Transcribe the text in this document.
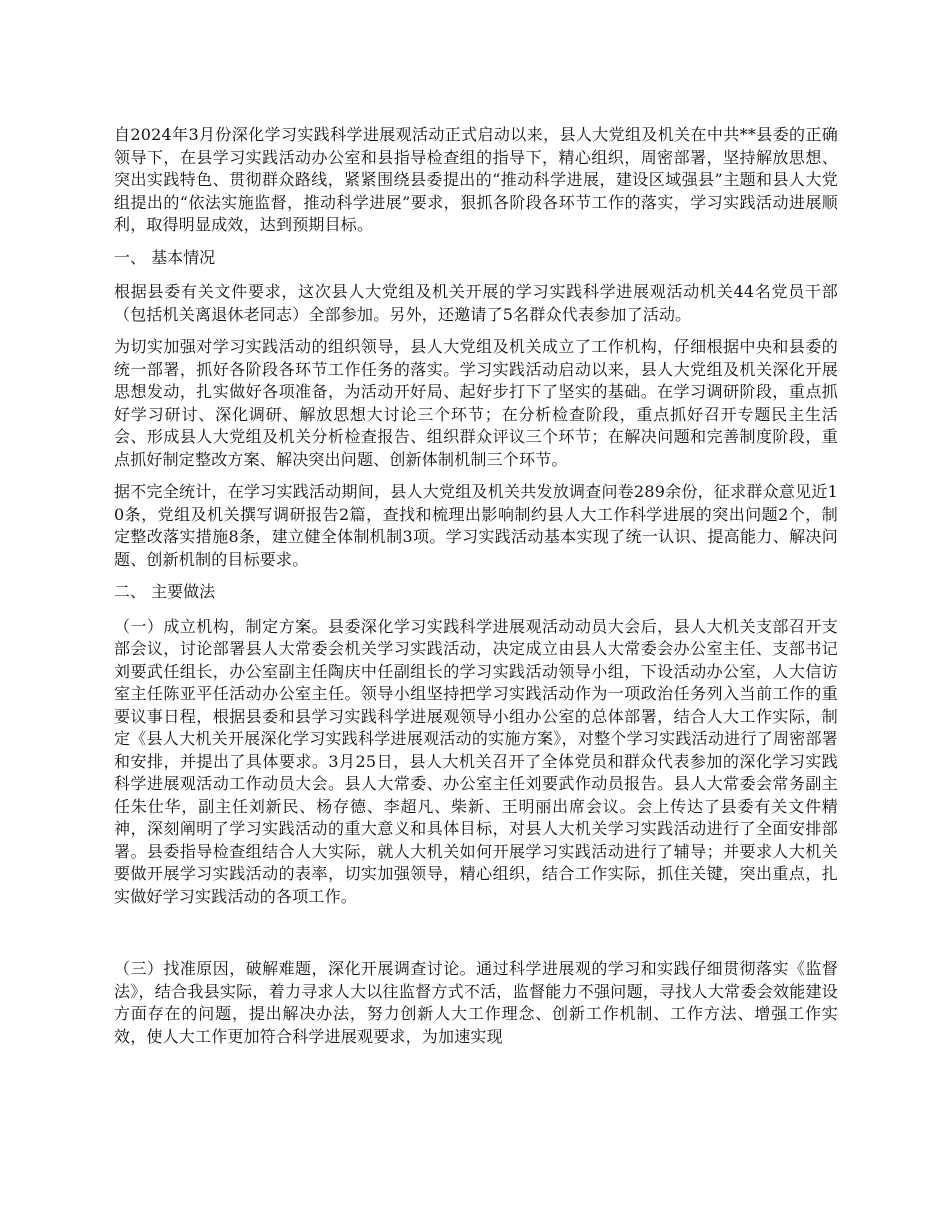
自2024年3月份深化学习实践科学进展观活动正式启动以来，县人大党组及机关在中共**县委的正确领导下，在县学习实践活动办公室和县指导检查组的指导下，精心组织，周密部署，坚持解放思想、突出实践特色、贯彻群众路线，紧紧围绕县委提出的“推动科学进展，建设区域强县”主题和县人大党组提出的“依法实施监督，推动科学进展”要求，狠抓各阶段各环节工作的落实，学习实践活动进展顺利，取得明显成效，达到预期目标。

一、 基本情况

根据县委有关文件要求，这次县人大党组及机关开展的学习实践科学进展观活动机关44名党员干部（包括机关离退休老同志）全部参加。另外，还邀请了5名群众代表参加了活动。

为切实加强对学习实践活动的组织领导，县人大党组及机关成立了工作机构，仔细根据中央和县委的统一部署，抓好各阶段各环节工作任务的落实。学习实践活动启动以来，县人大党组及机关深化开展思想发动，扎实做好各项准备，为活动开好局、起好步打下了坚实的基础。在学习调研阶段，重点抓好学习研讨、深化调研、解放思想大讨论三个环节；在分析检查阶段，重点抓好召开专题民主生活会、形成县人大党组及机关分析检查报告、组织群众评议三个环节；在解决问题和完善制度阶段，重点抓好制定整改方案、解决突出问题、创新体制机制三个环节。

据不完全统计，在学习实践活动期间，县人大党组及机关共发放调查问卷289余份，征求群众意见近10条，党组及机关撰写调研报告2篇，查找和梳理出影响制约县人大工作科学进展的突出问题2个，制定整改落实措施8条，建立健全体制机制3项。学习实践活动基本实现了统一认识、提高能力、解决问题、创新机制的目标要求。

二、 主要做法

（一）成立机构，制定方案。县委深化学习实践科学进展观活动动员大会后，县人大机关支部召开支部会议，讨论部署县人大常委会机关学习实践活动，决定成立由县人大常委会办公室主任、支部书记刘要武任组长，办公室副主任陶庆中任副组长的学习实践活动领导小组，下设活动办公室，人大信访室主任陈亚平任活动办公室主任。领导小组坚持把学习实践活动作为一项政治任务列入当前工作的重要议事日程，根据县委和县学习实践科学进展观领导小组办公室的总体部署，结合人大工作实际，制定《县人大机关开展深化学习实践科学进展观活动的实施方案》，对整个学习实践活动进行了周密部署和安排，并提出了具体要求。3月25日，县人大机关召开了全体党员和群众代表参加的深化学习实践科学进展观活动工作动员大会。县人大常委、办公室主任刘要武作动员报告。县人大常委会常务副主任朱仕华，副主任刘新民、杨存德、李超凡、柴新、王明丽出席会议。会上传达了县委有关文件精神，深刻阐明了学习实践活动的重大意义和具体目标，对县人大机关学习实践活动进行了全面安排部署。县委指导检查组结合人大实际，就人大机关如何开展学习实践活动进行了辅导；并要求人大机关要做开展学习实践活动的表率，切实加强领导，精心组织，结合工作实际，抓住关键，突出重点，扎实做好学习实践活动的各项工作。

（三）找准原因，破解难题，深化开展调查讨论。通过科学进展观的学习和实践仔细贯彻落实《监督法》，结合我县实际，着力寻求人大以往监督方式不活，监督能力不强问题，寻找人大常委会效能建设方面存在的问题，提出解决办法，努力创新人大工作理念、创新工作机制、工作方法、增强工作实效，使人大工作更加符合科学进展观要求，为加速实现
